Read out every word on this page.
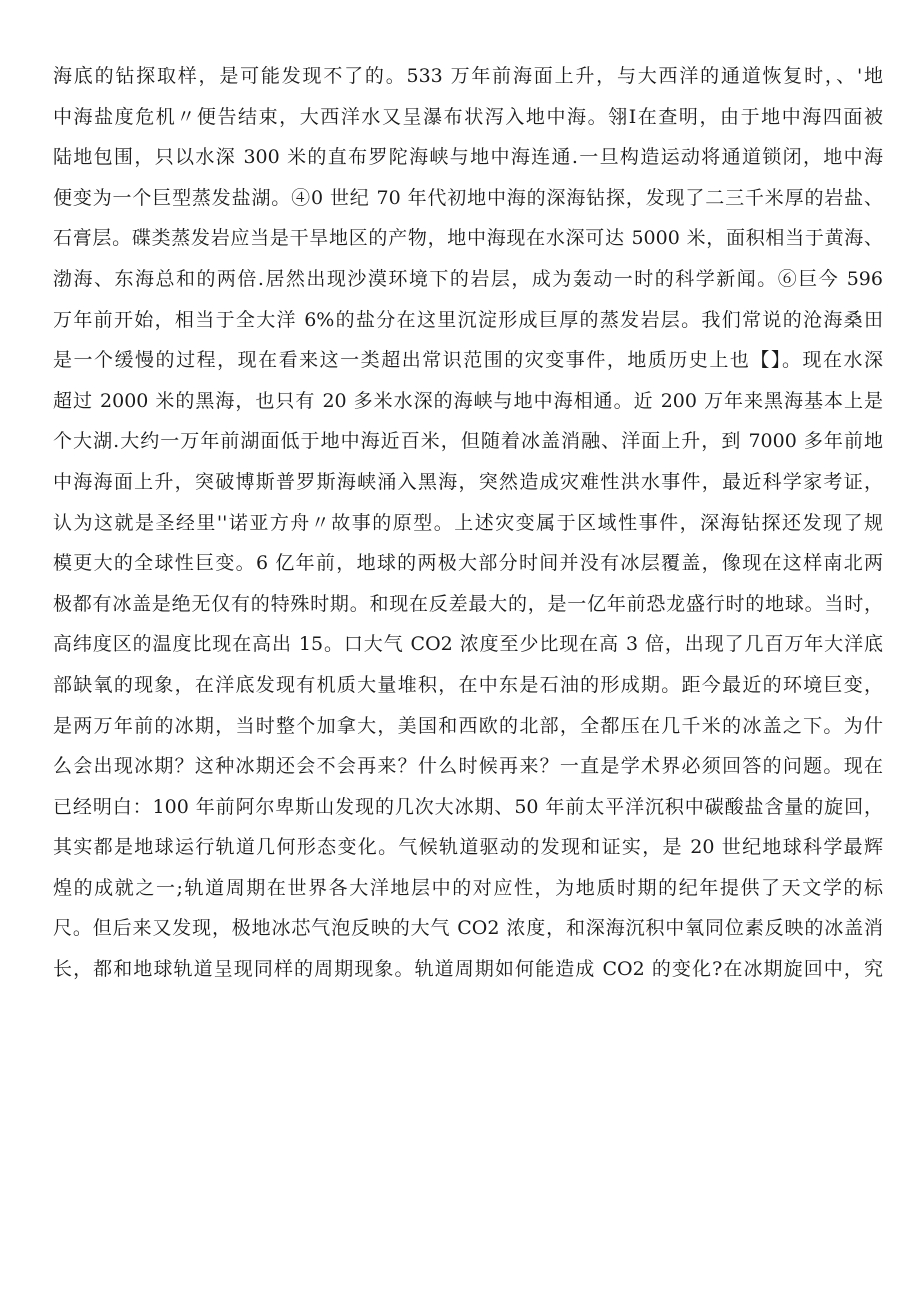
海底的钻探取样，是可能发现不了的。533 万年前海面上升，与大西洋的通道恢复时，、'地
中海盐度危机〃便告结束，大西洋水又呈瀑布状泻入地中海。翎Ⅰ在查明，由于地中海四面被
陆地包围，只以水深 300 米的直布罗陀海峡与地中海连通.一旦构造运动将通道锁闭，地中海
便变为一个巨型蒸发盐湖。④0 世纪 70 年代初地中海的深海钻探，发现了二三千米厚的岩盐、
石膏层。碟类蒸发岩应当是干旱地区的产物，地中海现在水深可达 5000 米，面积相当于黄海、
渤海、东海总和的两倍.居然出现沙漠环境下的岩层，成为轰动一时的科学新闻。⑥巨今 596
万年前开始，相当于全大洋 6%的盐分在这里沉淀形成巨厚的蒸发岩层。我们常说的沧海桑田
是一个缓慢的过程，现在看来这一类超出常识范围的灾变事件，地质历史上也【】。现在水深
超过 2000 米的黑海，也只有 20 多米水深的海峡与地中海相通。近 200 万年来黑海基本上是
个大湖.大约一万年前湖面低于地中海近百米，但随着冰盖消融、洋面上升，到 7000 多年前地
中海海面上升，突破博斯普罗斯海峡涌入黑海，突然造成灾难性洪水事件，最近科学家考证，
认为这就是圣经里''诺亚方舟〃故事的原型。上述灾变属于区域性事件，深海钻探还发现了规
模更大的全球性巨变。6 亿年前，地球的两极大部分时间并没有冰层覆盖，像现在这样南北两
极都有冰盖是绝无仅有的特殊时期。和现在反差最大的，是一亿年前恐龙盛行时的地球。当时，
高纬度区的温度比现在高出 15。口大气 CO2 浓度至少比现在高 3 倍，出现了几百万年大洋底
部缺氧的现象，在洋底发现有机质大量堆积，在中东是石油的形成期。距今最近的环境巨变，
是两万年前的冰期，当时整个加拿大，美国和西欧的北部，全都压在几千米的冰盖之下。为什
么会出现冰期？这种冰期还会不会再来？什么时候再来？一直是学术界必须回答的问题。现在
已经明白：100 年前阿尔卑斯山发现的几次大冰期、50 年前太平洋沉积中碳酸盐含量的旋回，
其实都是地球运行轨道几何形态变化。气候轨道驱动的发现和证实，是 20 世纪地球科学最辉
煌的成就之一;轨道周期在世界各大洋地层中的对应性，为地质时期的纪年提供了天文学的标
尺。但后来又发现，极地冰芯气泡反映的大气 CO2 浓度，和深海沉积中氧同位素反映的冰盖消
长，都和地球轨道呈现同样的周期现象。轨道周期如何能造成 CO2 的变化?在冰期旋回中，究
